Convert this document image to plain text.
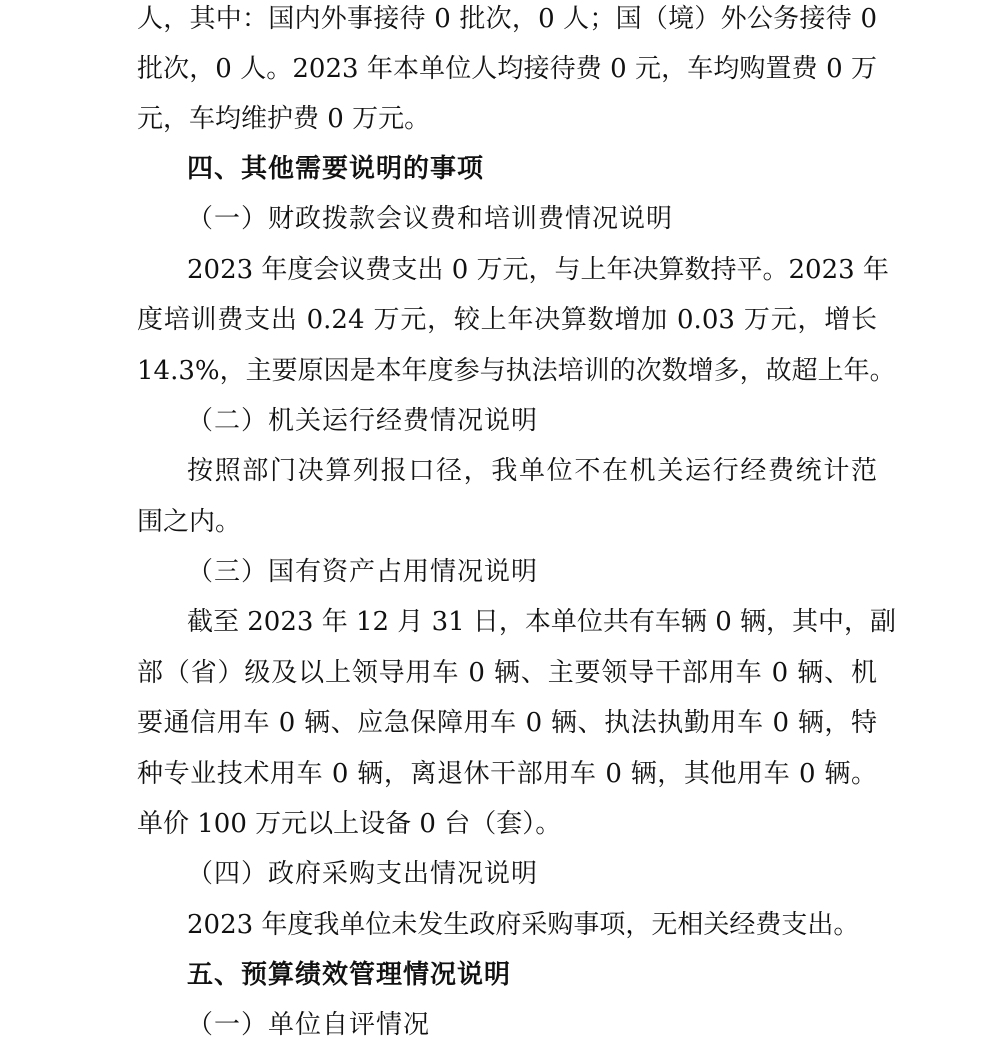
人，其中：国内外事接待 0 批次，0 人；国（境）外公务接待 0
批次，0 人。2023 年本单位人均接待费 0 元，车均购置费 0 万
元，车均维护费 0 万元。
四、其他需要说明的事项
（一）财政拨款会议费和培训费情况说明
2023 年度会议费支出 0 万元，与上年决算数持平。2023 年
度培训费支出 0.24 万元，较上年决算数增加 0.03 万元，增长
14.3%，主要原因是本年度参与执法培训的次数增多，故超上年。
（二）机关运行经费情况说明
按照部门决算列报口径，我单位不在机关运行经费统计范
围之内。
（三）国有资产占用情况说明
截至 2023 年 12 月 31 日，本单位共有车辆 0 辆，其中，副
部（省）级及以上领导用车 0 辆、主要领导干部用车 0 辆、机
要通信用车 0 辆、应急保障用车 0 辆、执法执勤用车 0 辆，特
种专业技术用车 0 辆，离退休干部用车 0 辆，其他用车 0 辆。
单价 100 万元以上设备 0 台（套）。
（四）政府采购支出情况说明
2023 年度我单位未发生政府采购事项，无相关经费支出。
五、预算绩效管理情况说明
（一）单位自评情况
